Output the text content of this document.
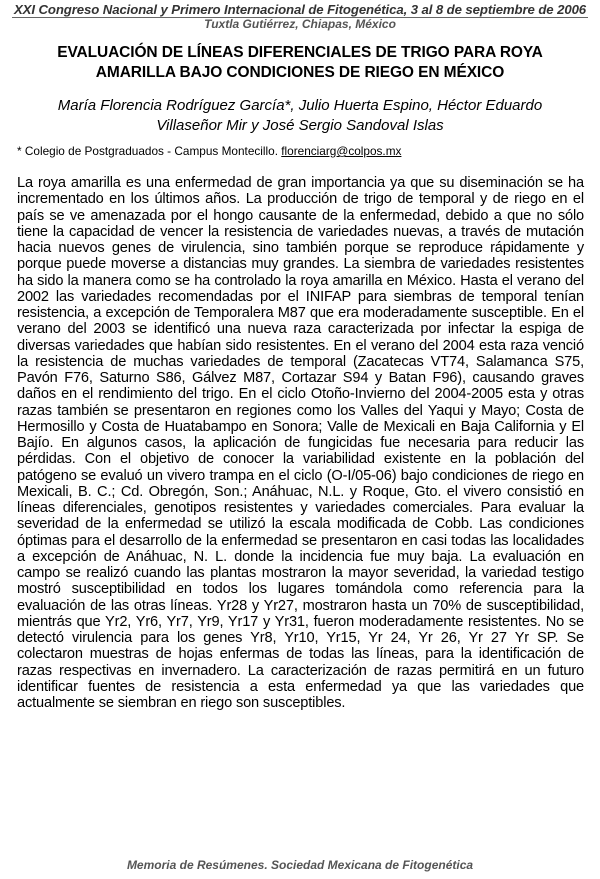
XXI Congreso Nacional y Primero Internacional de Fitogenética, 3 al 8 de septiembre de 2006
Tuxtla Gutiérrez, Chiapas, México
EVALUACIÓN DE LÍNEAS DIFERENCIALES DE TRIGO PARA ROYA
AMARILLA BAJO CONDICIONES DE RIEGO EN MÉXICO
María Florencia Rodríguez García*, Julio Huerta Espino, Héctor Eduardo
Villaseñor Mir y José Sergio Sandoval Islas
* Colegio de Postgraduados - Campus Montecillo. florenciarg@colpos.mx
La roya amarilla es una enfermedad de gran importancia ya que su diseminación se ha incrementado en los últimos años. La producción de trigo de temporal y de riego en el país se ve amenazada por el hongo causante de la enfermedad, debido a que no sólo tiene la capacidad de vencer la resistencia de variedades nuevas, a través de mutación hacia nuevos genes de virulencia, sino también porque se reproduce rápidamente y porque puede moverse a distancias muy grandes. La siembra de variedades resistentes ha sido la manera como se ha controlado la roya amarilla en México. Hasta el verano del 2002 las variedades recomendadas por el INIFAP para siembras de temporal tenían resistencia, a excepción de Temporalera M87 que era moderadamente susceptible. En el verano del 2003 se identificó una nueva raza caracterizada por infectar la espiga de diversas variedades que habían sido resistentes. En el verano del 2004 esta raza venció la resistencia de muchas variedades de temporal (Zacatecas VT74, Salamanca S75, Pavón F76, Saturno S86, Gálvez M87, Cortazar S94 y Batan F96), causando graves daños en el rendimiento del trigo. En el ciclo Otoño-Invierno del 2004-2005 esta y otras razas también se presentaron en regiones como los Valles del Yaqui y Mayo; Costa de Hermosillo y Costa de Huatabampo en Sonora; Valle de Mexicali en Baja California y El Bajío. En algunos casos, la aplicación de fungicidas fue necesaria para reducir las pérdidas. Con el objetivo de conocer la variabilidad existente en la población del patógeno se evaluó un vivero trampa en el ciclo (O-I/05-06) bajo condiciones de riego en Mexicali, B. C.; Cd. Obregón, Son.; Anáhuac, N.L. y Roque, Gto. el vivero consistió en líneas diferenciales, genotipos resistentes y variedades comerciales. Para evaluar la severidad de la enfermedad se utilizó la escala modificada de Cobb. Las condiciones óptimas para el desarrollo de la enfermedad se presentaron en casi todas las localidades a excepción de Anáhuac, N. L. donde la incidencia fue muy baja. La evaluación en campo se realizó cuando las plantas mostraron la mayor severidad, la variedad testigo mostró susceptibilidad en todos los lugares tomándola como referencia para la evaluación de las otras líneas. Yr28 y Yr27, mostraron hasta un 70% de susceptibilidad, mientrás que Yr2, Yr6, Yr7, Yr9, Yr17 y Yr31, fueron moderadamente resistentes. No se detectó virulencia para los genes Yr8, Yr10, Yr15, Yr 24, Yr 26, Yr 27 Yr SP. Se colectaron muestras de hojas enfermas de todas las líneas, para la identificación de razas respectivas en invernadero. La caracterización de razas permitirá en un futuro identificar fuentes de resistencia a esta enfermedad ya que las variedades que actualmente se siembran en riego son susceptibles.
Memoria de Resúmenes. Sociedad Mexicana de Fitogenética
